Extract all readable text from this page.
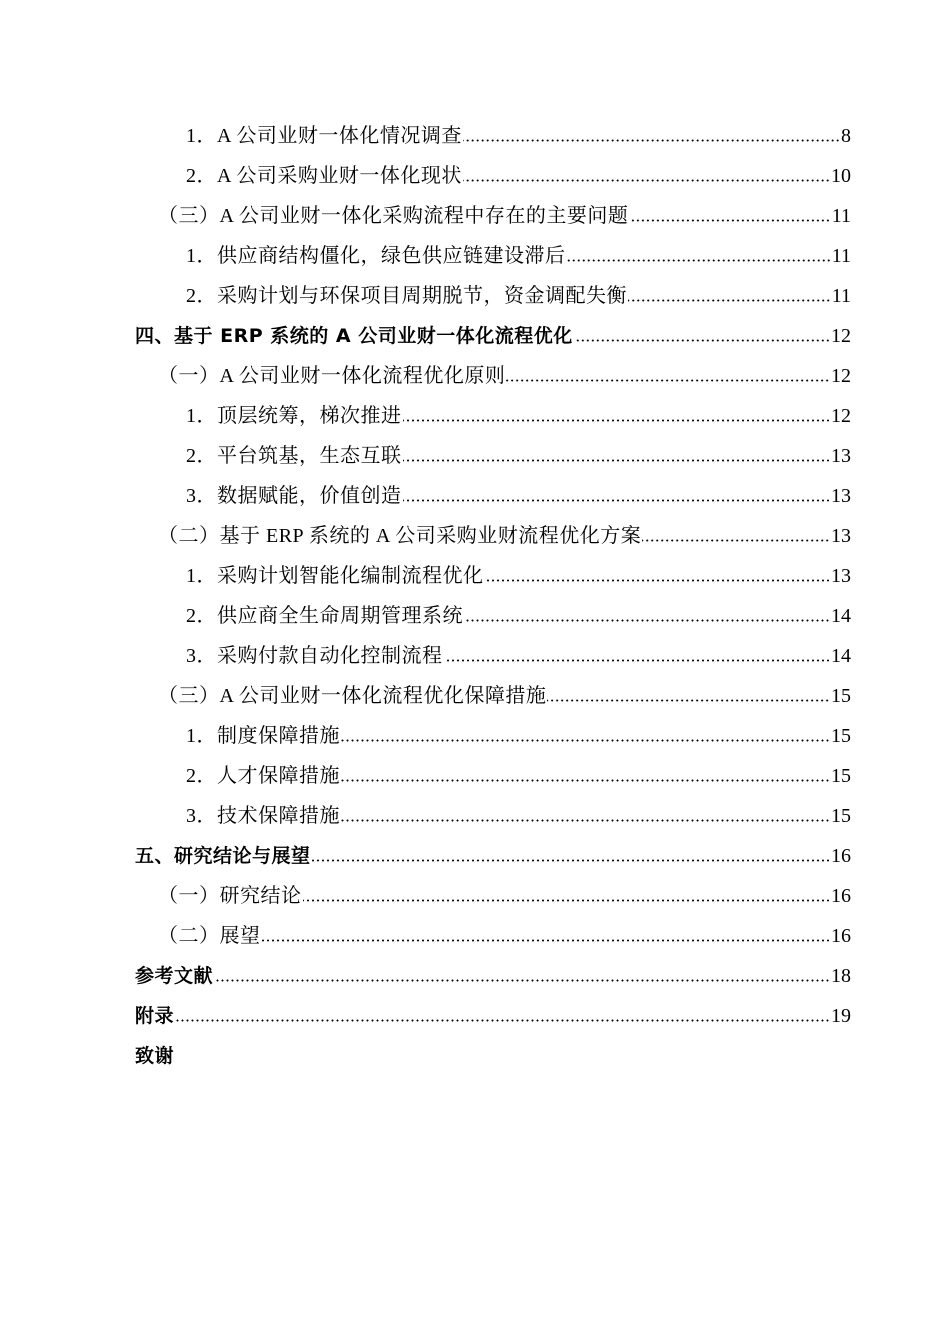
1．A 公司业财一体化情况调查	8
2．A 公司采购业财一体化现状	10
（三）A 公司业财一体化采购流程中存在的主要问题	11
1．供应商结构僵化，绿色供应链建设滞后	11
2．采购计划与环保项目周期脱节，资金调配失衡	11
四、基于 ERP 系统的 A 公司业财一体化流程优化	12
（一）A 公司业财一体化流程优化原则	12
1．顶层统筹，梯次推进	12
2．平台筑基，生态互联	13
3．数据赋能，价值创造	13
（二）基于 ERP 系统的 A 公司采购业财流程优化方案	13
1．采购计划智能化编制流程优化	13
2．供应商全生命周期管理系统	14
3．采购付款自动化控制流程	14
（三）A 公司业财一体化流程优化保障措施	15
1．制度保障措施	15
2．人才保障措施	15
3．技术保障措施	15
五、研究结论与展望	16
（一）研究结论	16
（二）展望	16
参考文献	18
附录	19
致谢
